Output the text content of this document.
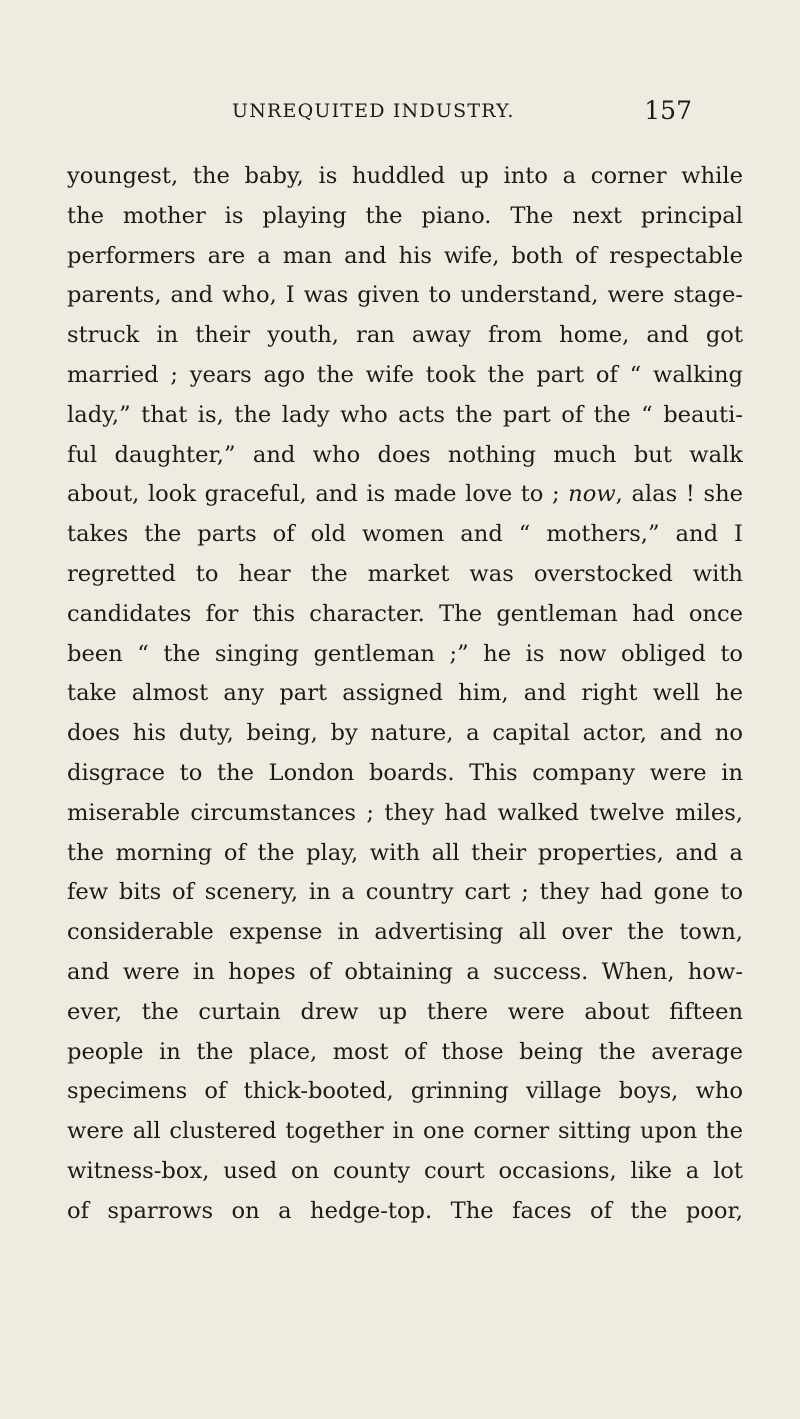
UNREQUITED INDUSTRY.	157
youngest, the baby, is huddled up into a corner while
the mother is playing the piano. The next principal
performers are a man and his wife, both of respectable
parents, and who, I was given to understand, were stage-
struck in their youth, ran away from home, and got
married ; years ago the wife took the part of “ walking
lady,” that is, the lady who acts the part of the “ beauti-
ful daughter,” and who does nothing much but walk
about, look graceful, and is made love to ; now, alas ! she
takes the parts of old women and “ mothers,” and I
regretted to hear the market was overstocked with
candidates for this character. The gentleman had once
been “ the singing gentleman ;” he is now obliged to
take almost any part assigned him, and right well he
does his duty, being, by nature, a capital actor, and no
disgrace to the London boards. This company were in
miserable circumstances ; they had walked twelve miles,
the morning of the play, with all their properties, and a
few bits of scenery, in a country cart ; they had gone to
considerable expense in advertising all over the town,
and were in hopes of obtaining a success. When, how-
ever, the curtain drew up there were about fifteen
people in the place, most of those being the average
specimens of thick-booted, grinning village boys, who
were all clustered together in one corner sitting upon the
witness-box, used on county court occasions, like a lot
of sparrows on a hedge-top. The faces of the poor,
